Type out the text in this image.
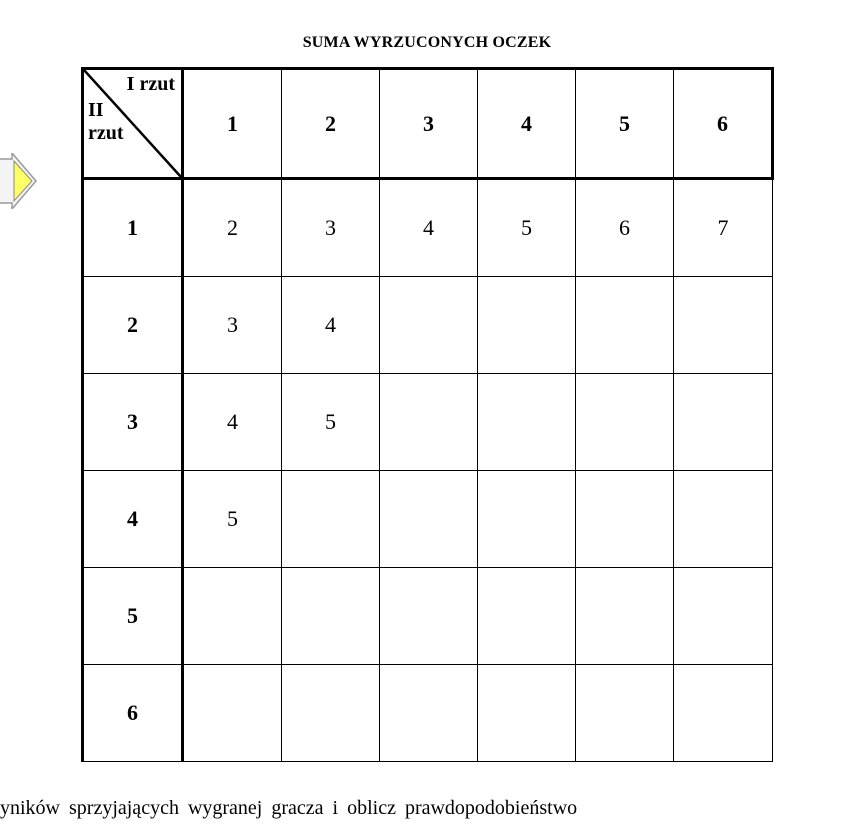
SUMA WYRZUCONYCH OCZEK
I rzut
II
rzut	1	2	3	4	5	6
1	2	3	4	5	6	7
2	3	4				
3	4	5				
4	5					
5						
6						
yników sprzyjających wygranej gracza i oblicz prawdopodobieństwo
